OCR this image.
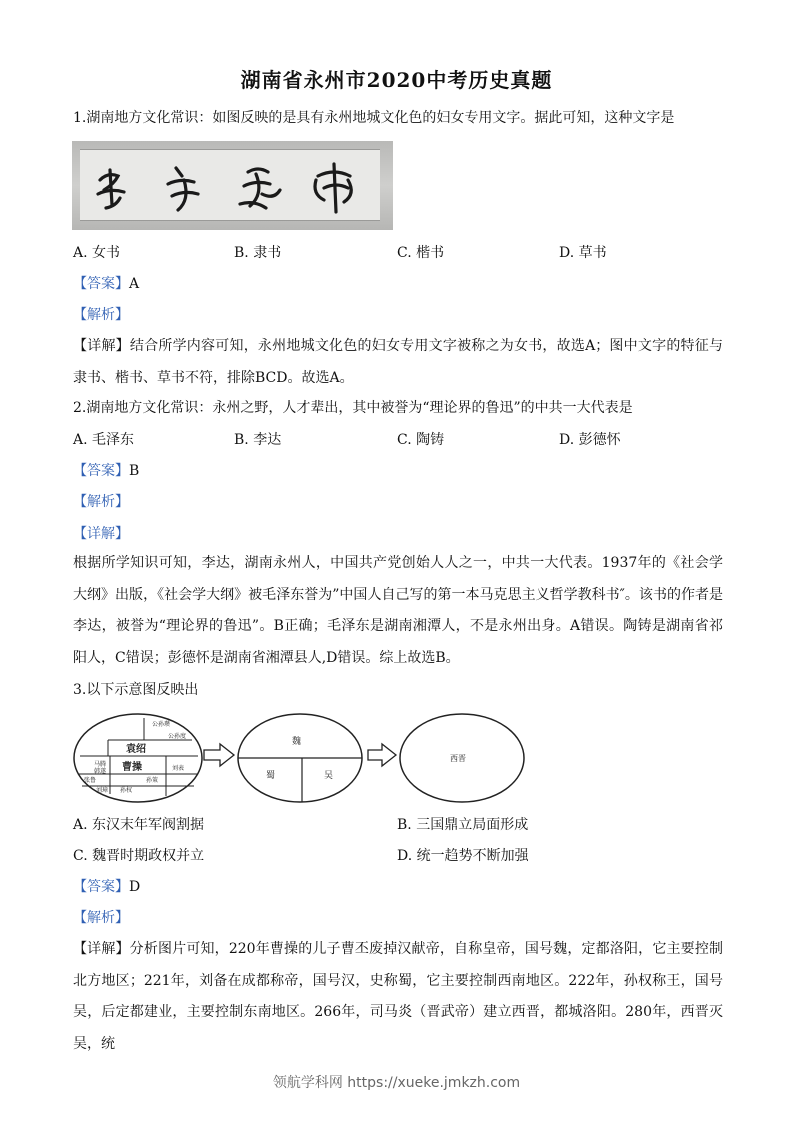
湖南省永州市2020中考历史真题
1.湖南地方文化常识：如图反映的是具有永州地城文化色的妇女专用文字。据此可知，这种文字是
A. 女书	B. 隶书	C. 楷书	D. 草书
【答案】A
【解析】
【详解】结合所学内容可知，永州地城文化色的妇女专用文字被称之为女书，故选A；图中文字的特征与隶书、楷书、草书不符，排除BCD。故选A。
2.湖南地方文化常识：永州之野，人才辈出，其中被誉为“理论界的鲁迅”的中共一大代表是
A. 毛泽东	B. 李达	C. 陶铸	D. 彭德怀
【答案】B
【解析】
【详解】
根据所学知识可知，李达，湖南永州人，中国共产党创始人人之一，中共一大代表。1937年的《社会学大纲》出版，《社会学大纲》被毛泽东誉为”中国人自己写的第一本马克思主义哲学教科书″。该书的作者是李达，被誉为“理论界的鲁迅”。B正确；毛泽东是湖南湘潭人，不是永州出身。A错误。陶铸是湖南省祁阳人，C错误；彭德怀是湖南省湘潭县人,D错误。综上故选B。
3.以下示意图反映出
公孙瓒
公孙度
袁绍
马腾
韩遂
张鲁
曹操	刘表
刘璋 孙权
孙策
魏
蜀	吴
西晋
A. 东汉末年军阀割据	B. 三国鼎立局面形成
C. 魏晋时期政权并立	D. 统一趋势不断加强
【答案】D
【解析】
【详解】分析图片可知，220年曹操的儿子曹丕废掉汉献帝，自称皇帝，国号魏，定都洛阳，它主要控制北方地区；221年，刘备在成都称帝，国号汉，史称蜀，它主要控制西南地区。222年，孙权称王，国号吴，后定都建业，主要控制东南地区。266年，司马炎（晋武帝）建立西晋，都城洛阳。280年，西晋灭吴，统
领航学科网 https://xueke.jmkzh.com
